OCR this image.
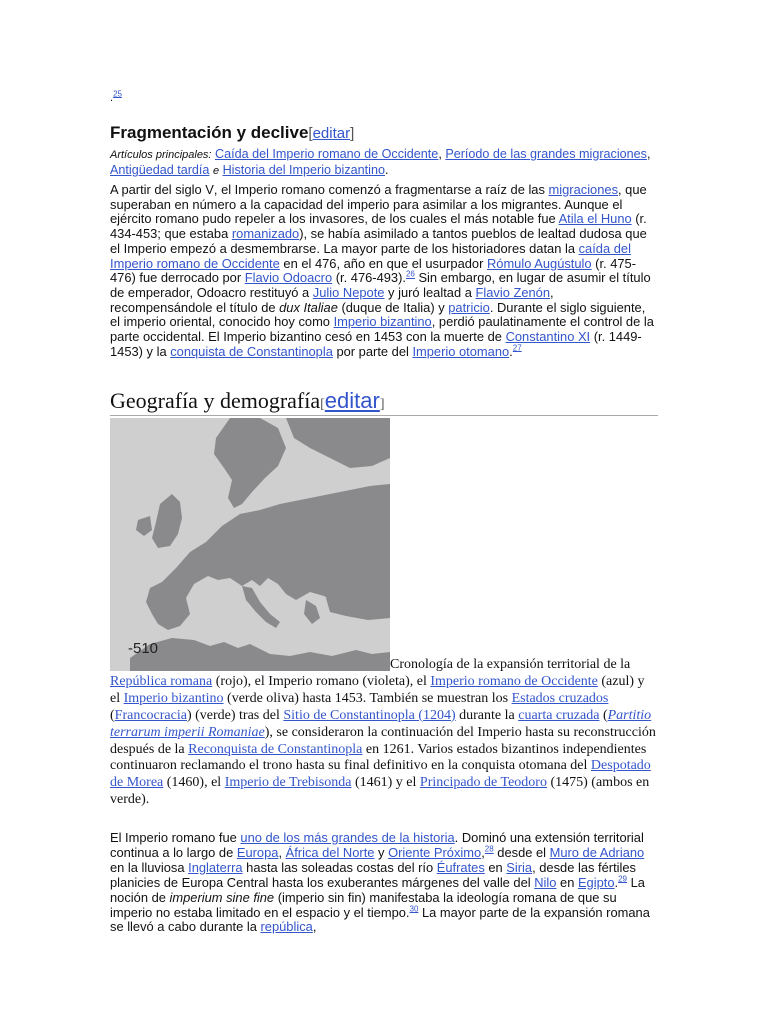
.$^{25}$
Fragmentación y declive[editar]
Artículos principales: Caída del Imperio romano de Occidente, Período de las grandes migraciones, Antigüedad tardía e Historia del Imperio bizantino.
A partir del siglo V, el Imperio romano comenzó a fragmentarse a raíz de las migraciones, que superaban en número a la capacidad del imperio para asimilar a los migrantes. Aunque el ejército romano pudo repeler a los invasores, de los cuales el más notable fue Atila el Huno (r. 434-453; que estaba romanizado), se había asimilado a tantos pueblos de lealtad dudosa que el Imperio empezó a desmembrarse. La mayor parte de los historiadores datan la caída del Imperio romano de Occidente en el 476, año en que el usurpador Rómulo Augústulo (r. 475-476) fue derrocado por Flavio Odoacro (r. 476-493).$^{26}$ Sin embargo, en lugar de asumir el título de emperador, Odoacro restituyó a Julio Nepote y juró lealtad a Flavio Zenón, recompensándole el título de dux Italiae (duque de Italia) y patricio. Durante el siglo siguiente, el imperio oriental, conocido hoy como Imperio bizantino, perdió paulatinamente el control de la parte occidental. El Imperio bizantino cesó en 1453 con la muerte de Constantino XI (r. 1449-1453) y la conquista de Constantinopla por parte del Imperio otomano.$^{27}$
Geografía y demografía[editar]
-510
Cronología de la expansión territorial de la República romana (rojo), el Imperio romano (violeta), el Imperio romano de Occidente (azul) y el Imperio bizantino (verde oliva) hasta 1453. También se muestran los Estados cruzados (Francocracia) (verde) tras del Sitio de Constantinopla (1204) durante la cuarta cruzada (Partitio terrarum imperii Romaniae), se consideraron la continuación del Imperio hasta su reconstrucción después de la Reconquista de Constantinopla en 1261. Varios estados bizantinos independientes continuaron reclamando el trono hasta su final definitivo en la conquista otomana del Despotado de Morea (1460), el Imperio de Trebisonda (1461) y el Principado de Teodoro (1475) (ambos en verde).
El Imperio romano fue uno de los más grandes de la historia. Dominó una extensión territorial continua a lo largo de Europa, África del Norte y Oriente Próximo,$^{28}$ desde el Muro de Adriano en la lluviosa Inglaterra hasta las soleadas costas del río Éufrates en Siria, desde las fértiles planicies de Europa Central hasta los exuberantes márgenes del valle del Nilo en Egipto.$^{29}$ La noción de imperium sine fine (imperio sin fin) manifestaba la ideología romana de que su imperio no estaba limitado en el espacio y el tiempo.$^{30}$ La mayor parte de la expansión romana se llevó a cabo durante la república,
